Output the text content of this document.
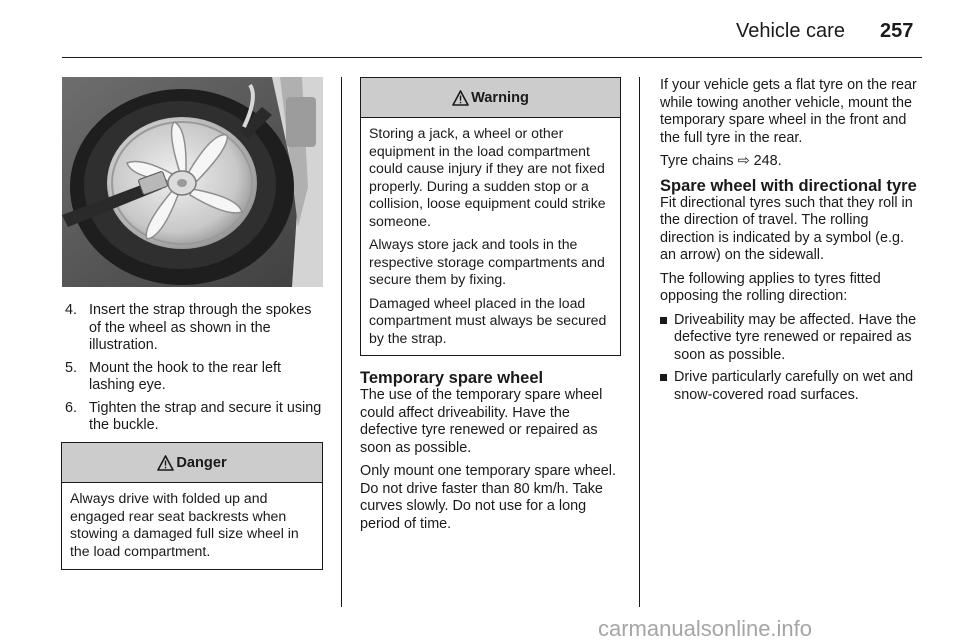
Vehicle care 257
4. Insert the strap through the spokes of the wheel as shown in the illustration.
5. Mount the hook to the rear left lashing eye.
6. Tighten the strap and secure it using the buckle.
Danger

Always drive with folded up and engaged rear seat backrests when stowing a damaged full size wheel in the load compartment.

Warning

Storing a jack, a wheel or other equipment in the load compartment could cause injury if they are not fixed properly. During a sudden stop or a collision, loose equipment could strike someone.

Always store jack and tools in the respective storage compartments and secure them by fixing.

Damaged wheel placed in the load compartment must always be secured by the strap.

Temporary spare wheel

The use of the temporary spare wheel could affect driveability. Have the defective tyre renewed or repaired as soon as possible.

Only mount one temporary spare wheel. Do not drive faster than 80 km/h. Take curves slowly. Do not use for a long period of time.

If your vehicle gets a flat tyre on the rear while towing another vehicle, mount the temporary spare wheel in the front and the full tyre in the rear.

Tyre chains ⇨ 248.

Spare wheel with directional tyre

Fit directional tyres such that they roll in the direction of travel. The rolling direction is indicated by a symbol (e.g. an arrow) on the sidewall.

The following applies to tyres fitted opposing the rolling direction:

Driveability may be affected. Have the defective tyre renewed or repaired as soon as possible.
Drive particularly carefully on wet and snow-covered road surfaces.
carmanualsonline.info
